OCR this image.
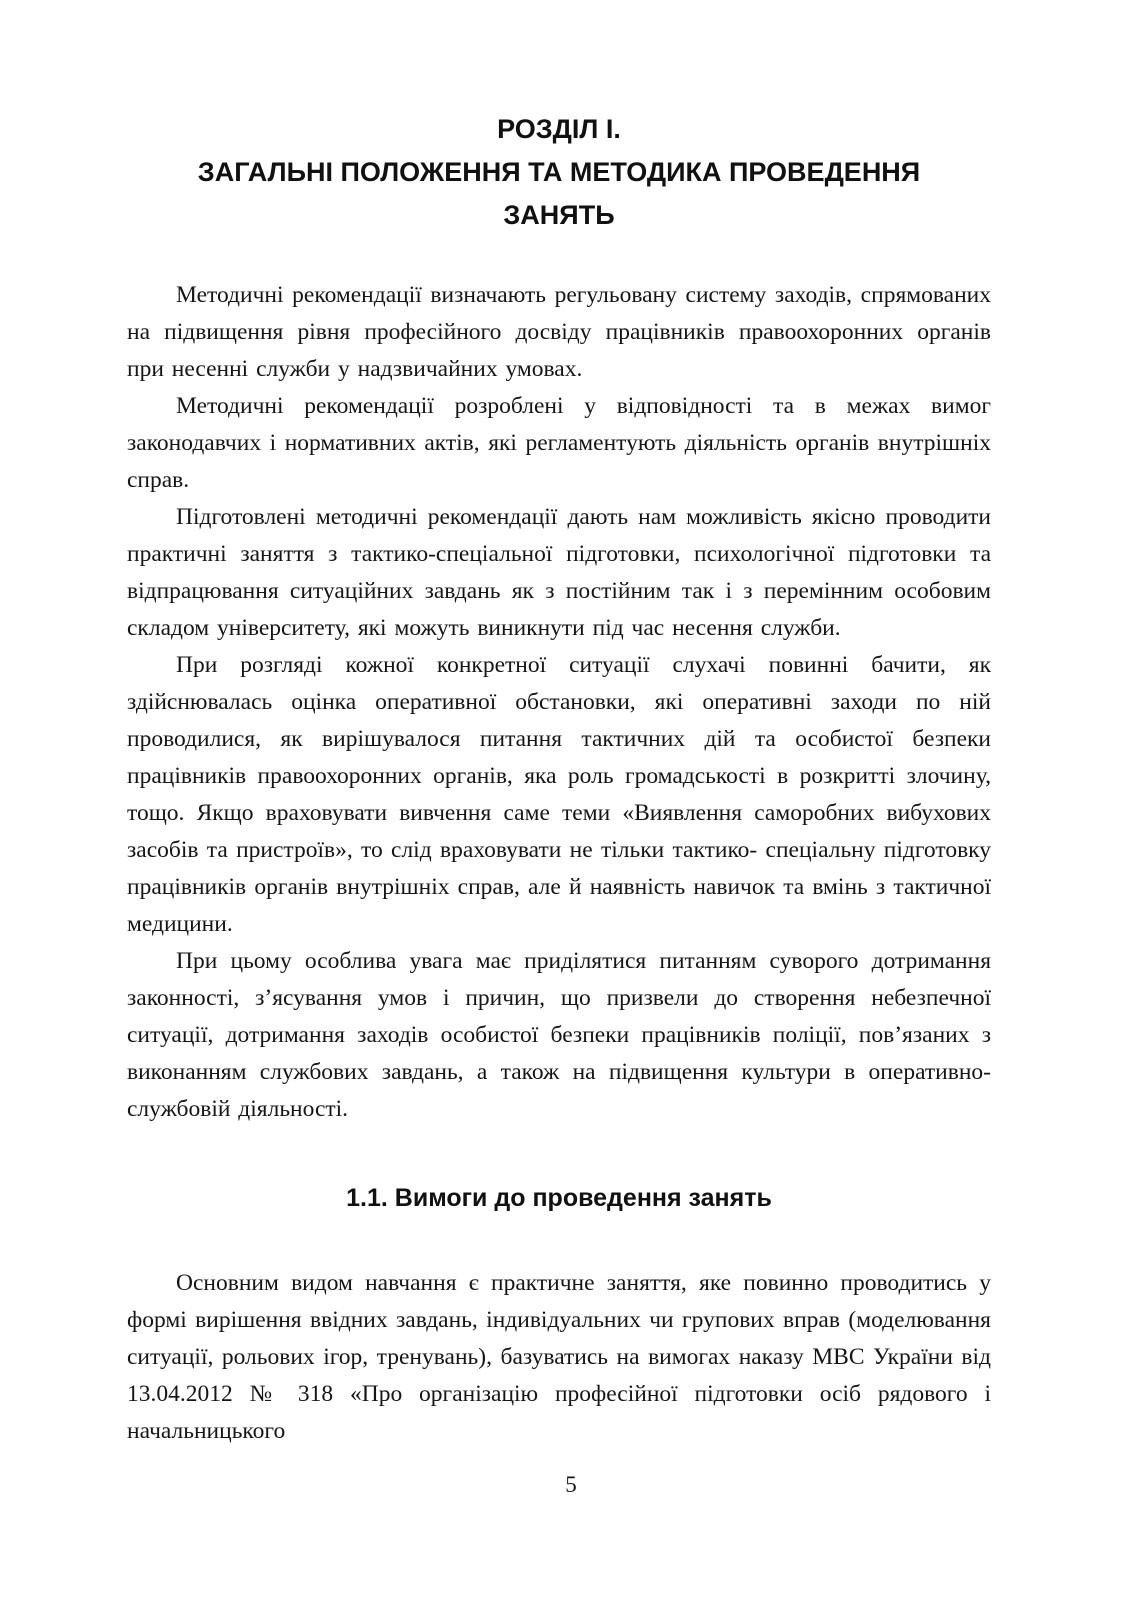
РОЗДІЛ І.
ЗАГАЛЬНІ ПОЛОЖЕННЯ ТА МЕТОДИКА ПРОВЕДЕННЯ
ЗАНЯТЬ

Методичні рекомендації визначають регульовану систему заходів, спрямованих на підвищення рівня професійного досвіду працівників правоохоронних органів при несенні служби у надзвичайних умовах.

Методичні рекомендації розроблені у відповідності та в межах вимог законодавчих і нормативних актів, які регламентують діяльність органів внутрішніх справ.

Підготовлені методичні рекомендації дають нам можливість якісно проводити практичні заняття з тактико-спеціальної підготовки, психологічної підготовки та відпрацювання ситуаційних завдань як з постійним так і з перемінним особовим складом університету, які можуть виникнути під час несення служби.

При розгляді кожної конкретної ситуації слухачі повинні бачити, як здійснювалась оцінка оперативної обстановки, які оперативні заходи по ній проводилися, як вирішувалося питання тактичних дій та особистої безпеки працівників правоохоронних органів, яка роль громадськості в розкритті злочину, тощо. Якщо враховувати вивчення саме теми «Виявлення саморобних вибухових засобів та пристроїв», то слід враховувати не тільки тактико- спеціальну підготовку працівників органів внутрішніх справ, але й наявність навичок та вмінь з тактичної медицини.

При цьому особлива увага має приділятися питанням суворого дотримання законності, з’ясування умов і причин, що призвели до створення небезпечної ситуації, дотримання заходів особистої безпеки працівників поліції, пов’язаних з виконанням службових завдань, а також на підвищення культури в оперативно-службовій діяльності.

1.1. Вимоги до проведення занять

Основним видом навчання є практичне заняття, яке повинно проводитись у формі вирішення ввідних завдань, індивідуальних чи групових вправ (моделювання ситуації, рольових ігор, тренувань), базуватись на вимогах наказу МВС України від 13.04.2012 № 318 «Про організацію професійної підготовки осіб рядового і начальницького

5
